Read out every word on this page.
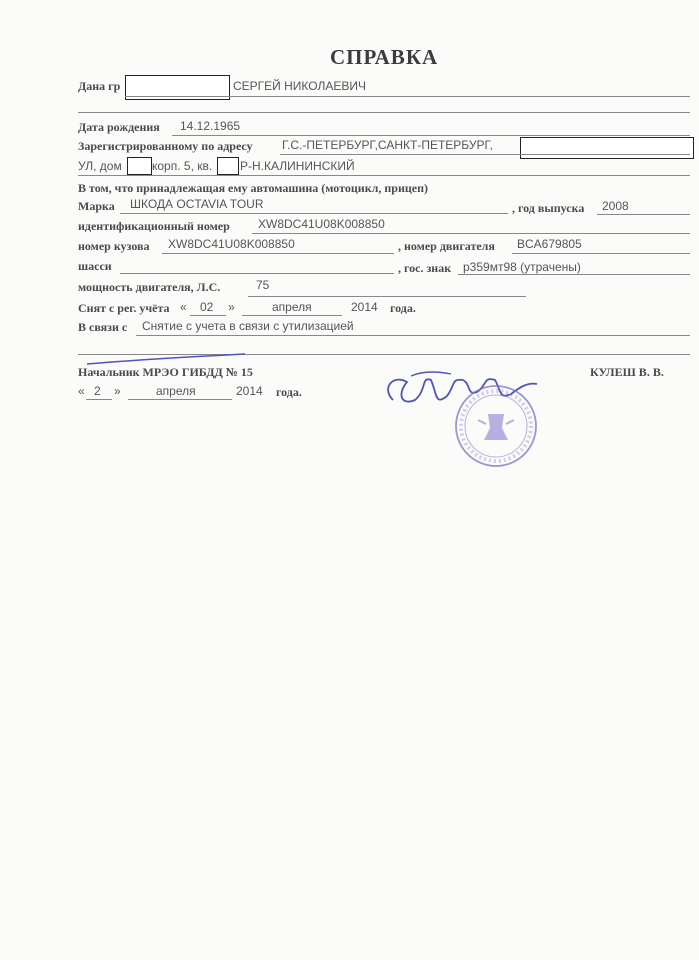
СПРАВКА
Дана гр	СЕРГЕЙ НИКОЛАЕВИЧ
Дата рождения 14.12.1965
Зарегистрированному по адресу Г.С.-ПЕТЕРБУРГ,САНКТ-ПЕТЕРБУРГ,
УЛ, дом	корп. 5, кв. Р-Н.КАЛИНИНСКИЙ
В том, что принадлежащая ему автомашина (мотоцикл, прицеп)
Марка ШКОДА OCTAVIA TOUR	, год выпуска 2008
идентификационный номер XW8DC41U08K008850
номер кузова XW8DC41U08K008850	, номер двигателя BCA679805
шасси	, гос. знак р359мт98 (утрачены)
мощность двигателя, Л.С.	75
Снят с рег. учёта « 02 »	апреля	2014 года.
В связи с Снятие с учета в связи с утилизацией
Начальник МРЭО ГИБДД № 15	КУЛЕШ В. В.
« 2 »	апреля	2014 года.
